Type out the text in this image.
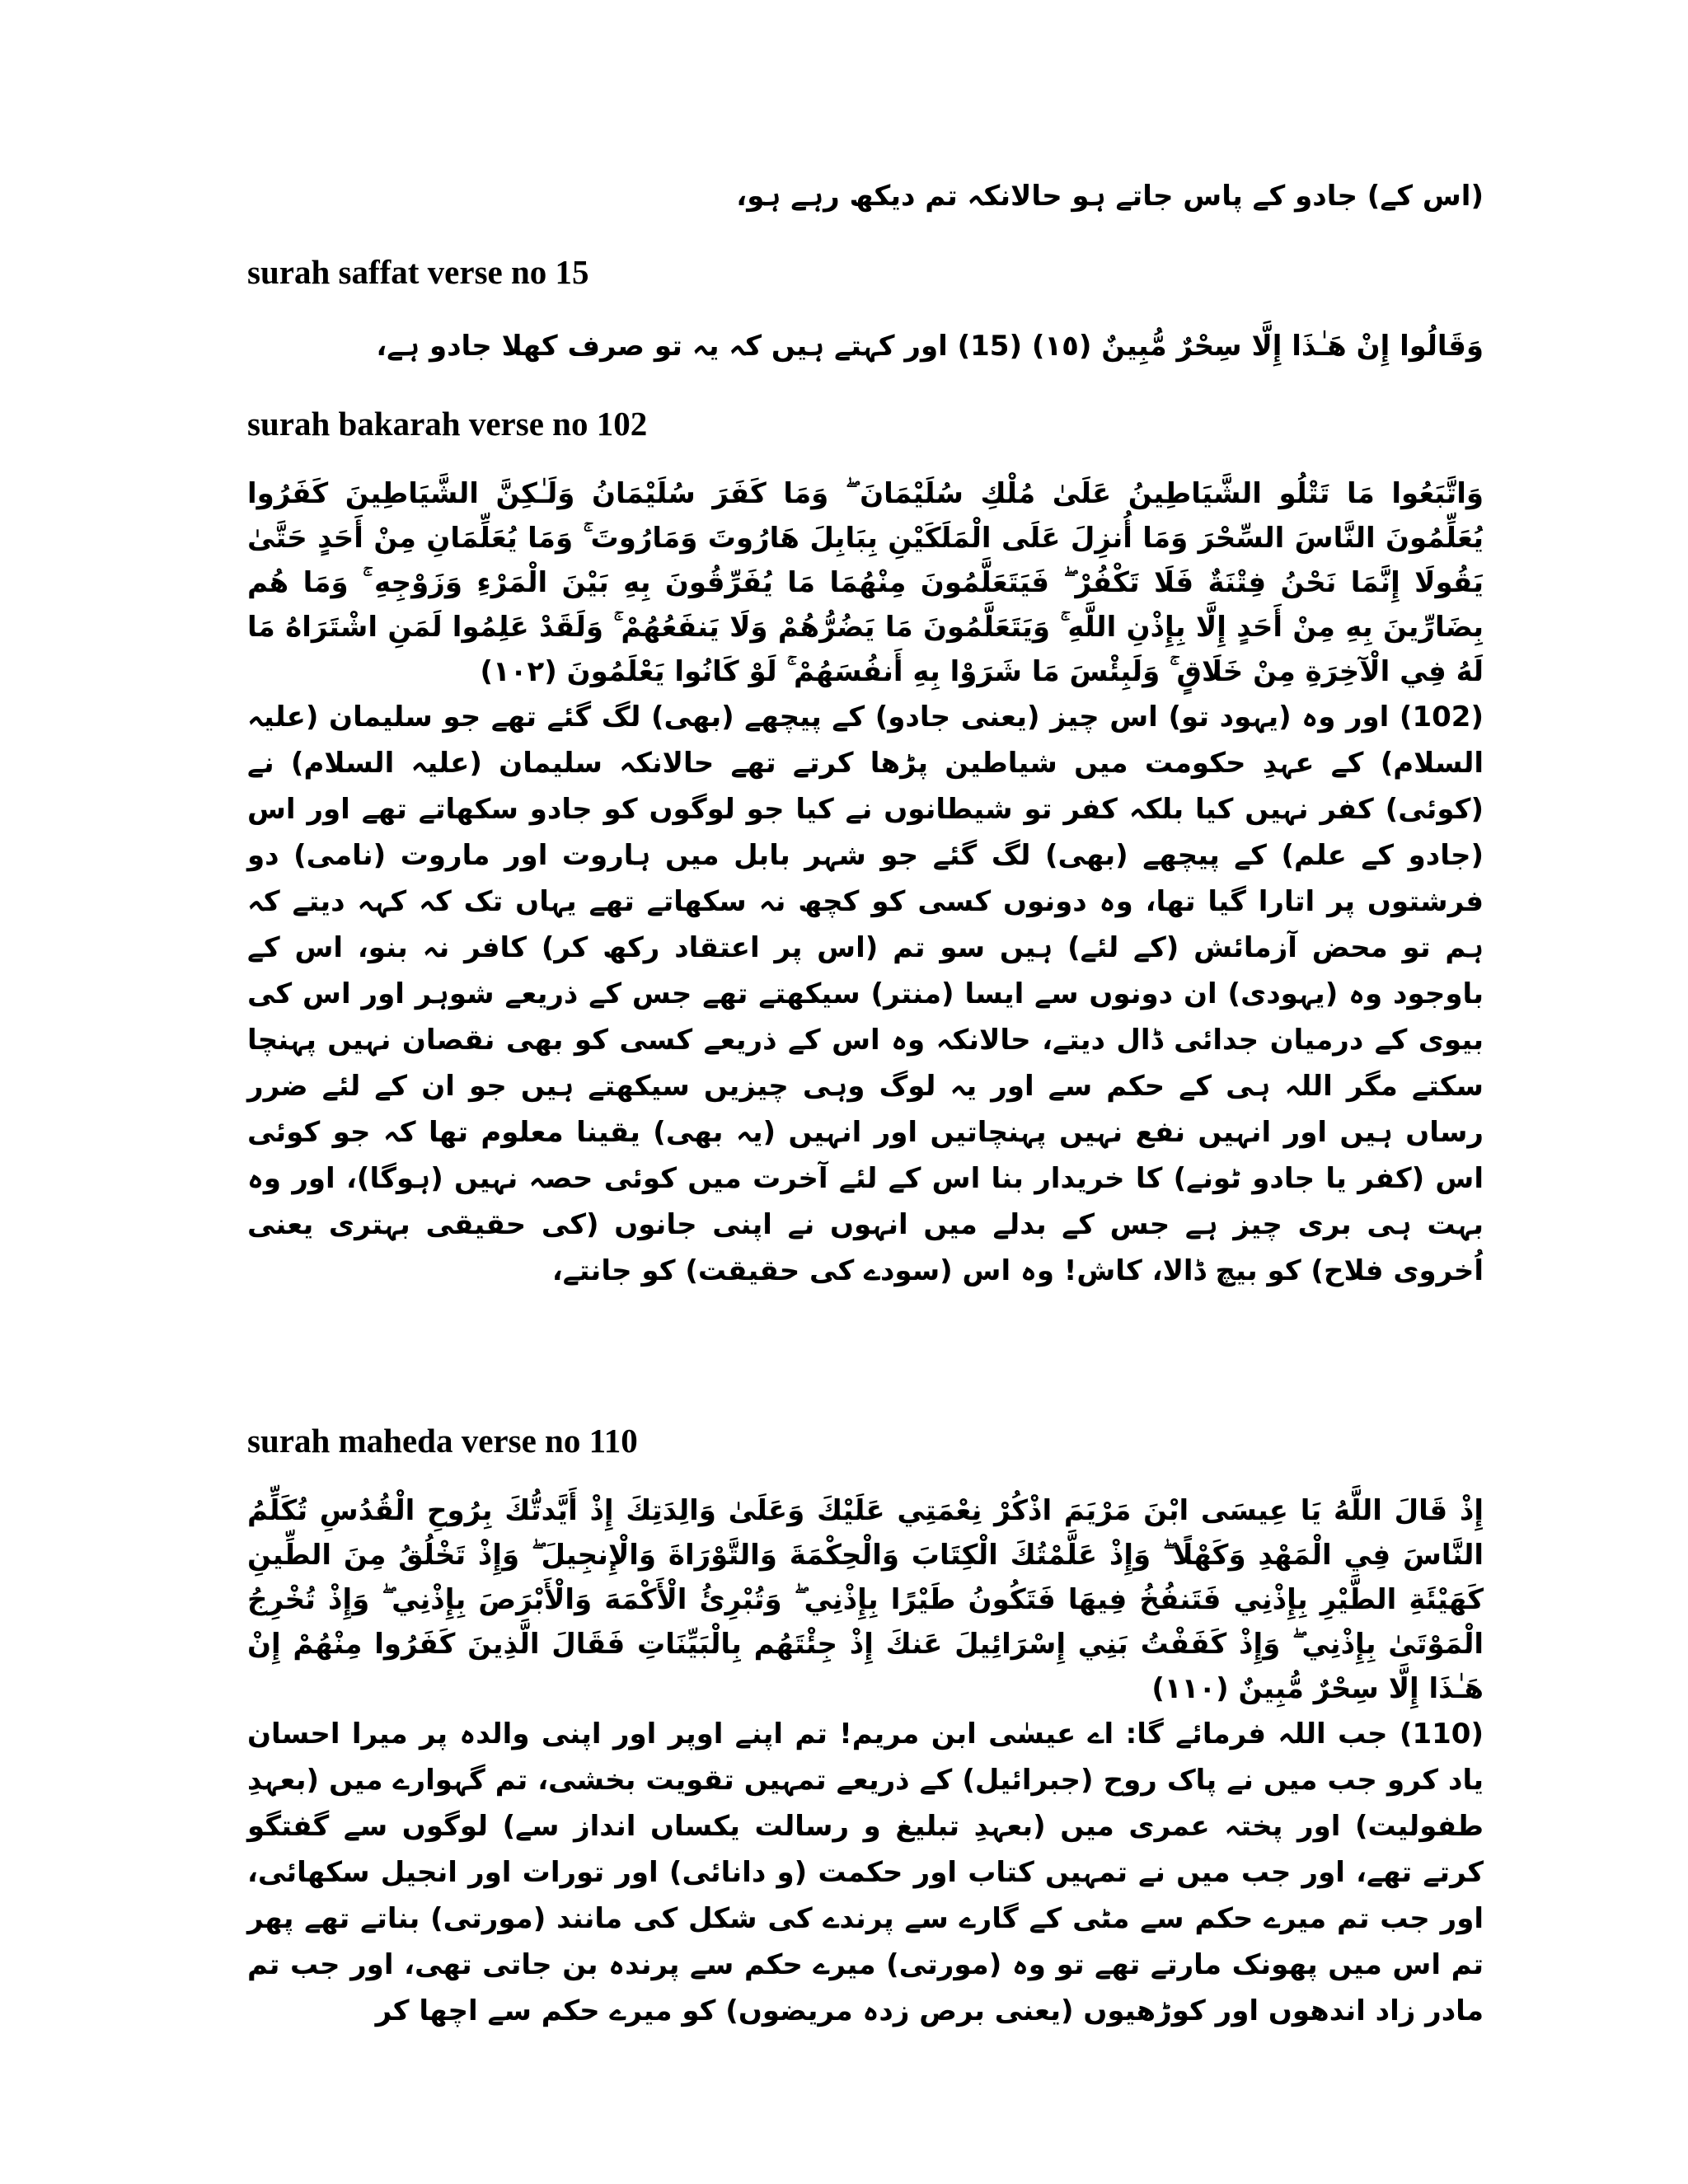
(اس کے) جادو کے پاس جاتے ہو حالانکہ تم دیکھ رہے ہو،

surah saffat verse no 15

وَقَالُوا إِنْ هَـٰذَا إِلَّا سِحْرٌ مُّبِينٌ (١٥) (15) اور کہتے ہیں کہ یہ تو صرف کھلا جادو ہے،

surah bakarah verse no 102

وَاتَّبَعُوا مَا تَتْلُو الشَّيَاطِينُ عَلَىٰ مُلْكِ سُلَيْمَانَ ۖ وَمَا كَفَرَ سُلَيْمَانُ وَلَـٰكِنَّ الشَّيَاطِينَ كَفَرُوا يُعَلِّمُونَ النَّاسَ السِّحْرَ وَمَا أُنزِلَ عَلَى الْمَلَكَيْنِ بِبَابِلَ هَارُوتَ وَمَارُوتَ ۚ وَمَا يُعَلِّمَانِ مِنْ أَحَدٍ حَتَّىٰ يَقُولَا إِنَّمَا نَحْنُ فِتْنَةٌ فَلَا تَكْفُرْ ۖ فَيَتَعَلَّمُونَ مِنْهُمَا مَا يُفَرِّقُونَ بِهِ بَيْنَ الْمَرْءِ وَزَوْجِهِ ۚ وَمَا هُم بِضَارِّينَ بِهِ مِنْ أَحَدٍ إِلَّا بِإِذْنِ اللَّهِ ۚ وَيَتَعَلَّمُونَ مَا يَضُرُّهُمْ وَلَا يَنفَعُهُمْ ۚ وَلَقَدْ عَلِمُوا لَمَنِ اشْتَرَاهُ مَا لَهُ فِي الْآخِرَةِ مِنْ خَلَاقٍ ۚ وَلَبِئْسَ مَا شَرَوْا بِهِ أَنفُسَهُمْ ۚ لَوْ كَانُوا يَعْلَمُونَ (١٠٢)

(102) اور وہ (یہود تو) اس چیز (یعنی جادو) کے پیچھے (بھی) لگ گئے تھے جو سلیمان (علیہ السلام) کے عہدِ حکومت میں شیاطین پڑھا کرتے تھے حالانکہ سلیمان (علیہ السلام) نے (کوئی) کفر نہیں کیا بلکہ کفر تو شیطانوں نے کیا جو لوگوں کو جادو سکھاتے تھے اور اس (جادو کے علم) کے پیچھے (بھی) لگ گئے جو شہر بابل میں ہاروت اور ماروت (نامی) دو فرشتوں پر اتارا گیا تھا، وہ دونوں کسی کو کچھ نہ سکھاتے تھے یہاں تک کہ کہہ دیتے کہ ہم تو محض آزمائش (کے لئے) ہیں سو تم (اس پر اعتقاد رکھ کر) کافر نہ بنو، اس کے باوجود وہ (یہودی) ان دونوں سے ایسا (منتر) سیکھتے تھے جس کے ذریعے شوہر اور اس کی بیوی کے درمیان جدائی ڈال دیتے، حالانکہ وہ اس کے ذریعے کسی کو بھی نقصان نہیں پہنچا سکتے مگر اللہ ہی کے حکم سے اور یہ لوگ وہی چیزیں سیکھتے ہیں جو ان کے لئے ضرر رساں ہیں اور انہیں نفع نہیں پہنچاتیں اور انہیں (یہ بھی) یقینا معلوم تھا کہ جو کوئی اس (کفر یا جادو ٹونے) کا خریدار بنا اس کے لئے آخرت میں کوئی حصہ نہیں (ہوگا)، اور وہ بہت ہی بری چیز ہے جس کے بدلے میں انہوں نے اپنی جانوں (کی حقیقی بہتری یعنی اُخروی فلاح) کو بیچ ڈالا، کاش! وہ اس (سودے کی حقیقت) کو جانتے،

surah maheda verse no 110

إِذْ قَالَ اللَّهُ يَا عِيسَى ابْنَ مَرْيَمَ اذْكُرْ نِعْمَتِي عَلَيْكَ وَعَلَىٰ وَالِدَتِكَ إِذْ أَيَّدتُّكَ بِرُوحِ الْقُدُسِ تُكَلِّمُ النَّاسَ فِي الْمَهْدِ وَكَهْلًا ۖ وَإِذْ عَلَّمْتُكَ الْكِتَابَ وَالْحِكْمَةَ وَالتَّوْرَاةَ وَالْإِنجِيلَ ۖ وَإِذْ تَخْلُقُ مِنَ الطِّينِ كَهَيْئَةِ الطَّيْرِ بِإِذْنِي فَتَنفُخُ فِيهَا فَتَكُونُ طَيْرًا بِإِذْنِي ۖ وَتُبْرِئُ الْأَكْمَهَ وَالْأَبْرَصَ بِإِذْنِي ۖ وَإِذْ تُخْرِجُ الْمَوْتَىٰ بِإِذْنِي ۖ وَإِذْ كَفَفْتُ بَنِي إِسْرَائِيلَ عَنكَ إِذْ جِئْتَهُم بِالْبَيِّنَاتِ فَقَالَ الَّذِينَ كَفَرُوا مِنْهُمْ إِنْ هَـٰذَا إِلَّا سِحْرٌ مُّبِينٌ (١١٠)

(110) جب اللہ فرمائے گا: اے عیسٰی ابن مریم! تم اپنے اوپر اور اپنی والدہ پر میرا احسان یاد کرو جب میں نے پاک روح (جبرائیل) کے ذریعے تمہیں تقویت بخشی، تم گہوارے میں (بعہدِ طفولیت) اور پختہ عمری میں (بعہدِ تبلیغ و رسالت یکساں انداز سے) لوگوں سے گفتگو کرتے تھے، اور جب میں نے تمہیں کتاب اور حکمت (و دانائی) اور تورات اور انجیل سکھائی، اور جب تم میرے حکم سے مٹی کے گارے سے پرندے کی شکل کی مانند (مورتی) بناتے تھے پھر تم اس میں پھونک مارتے تھے تو وہ (مورتی) میرے حکم سے پرندہ بن جاتی تھی، اور جب تم مادر زاد اندھوں اور کوڑھیوں (یعنی برص زدہ مریضوں) کو میرے حکم سے اچھا کر
